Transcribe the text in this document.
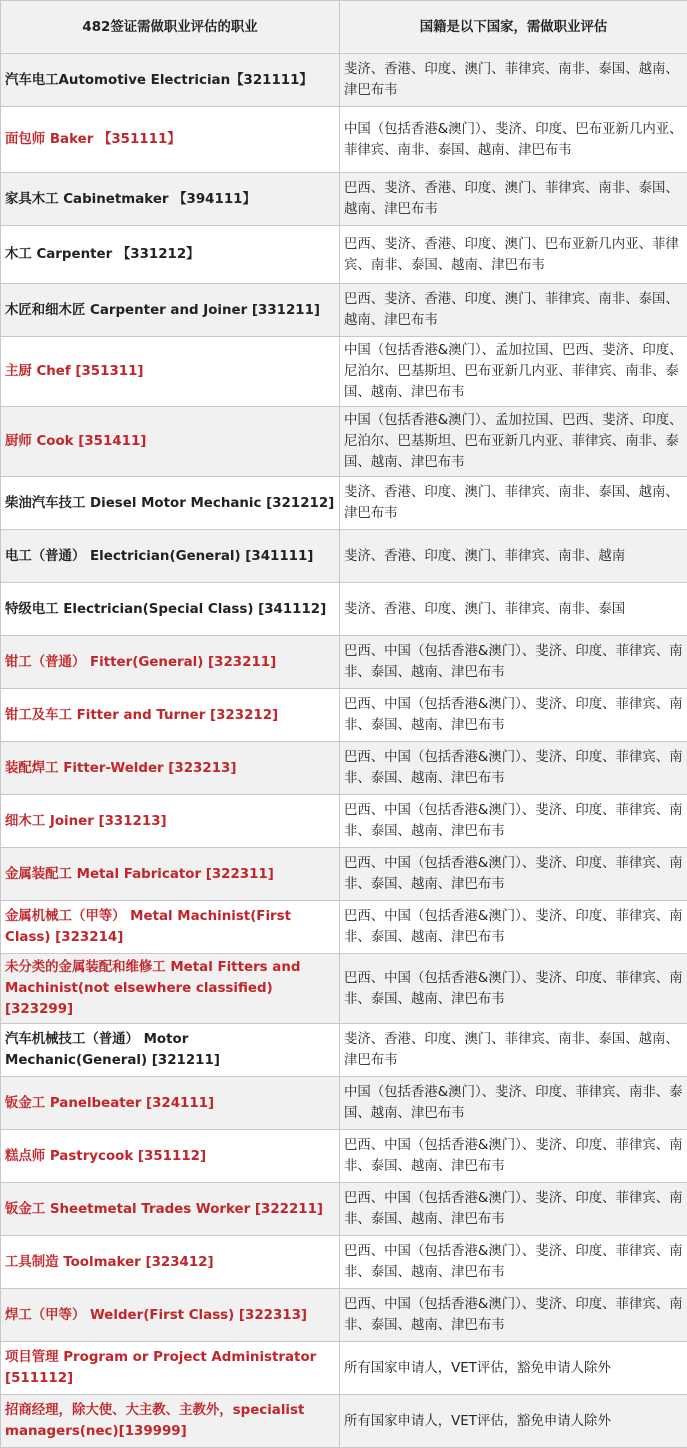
482签证需做职业评估的职业	国籍是以下国家，需做职业评估
汽车电工Automotive Electrician【321111】	斐济、香港、印度、澳门、菲律宾、南非、泰国、越南、津巴布韦
面包师 Baker 【351111】	中国（包括香港&澳门）、斐济、印度、巴布亚新几内亚、菲律宾、南非、泰国、越南、津巴布韦
家具木工 Cabinetmaker 【394111】	巴西、斐济、香港、印度、澳门、菲律宾、南非、泰国、越南、津巴布韦
木工 Carpenter 【331212】	巴西、斐济、香港、印度、澳门、巴布亚新几内亚、菲律宾、南非、泰国、越南、津巴布韦
木匠和细木匠 Carpenter and Joiner [331211]	巴西、斐济、香港、印度、澳门、菲律宾、南非、泰国、越南、津巴布韦
主厨 Chef [351311]	中国（包括香港&澳门）、孟加拉国、巴西、斐济、印度、尼泊尔、巴基斯坦、巴布亚新几内亚、菲律宾、南非、泰国、越南、津巴布韦
厨师 Cook [351411]	中国（包括香港&澳门）、孟加拉国、巴西、斐济、印度、尼泊尔、巴基斯坦、巴布亚新几内亚、菲律宾、南非、泰国、越南、津巴布韦
柴油汽车技工 Diesel Motor Mechanic [321212]	斐济、香港、印度、澳门、菲律宾、南非、泰国、越南、津巴布韦
电工（普通） Electrician(General) [341111]	斐济、香港、印度、澳门、菲律宾、南非、越南
特级电工 Electrician(Special Class) [341112]	斐济、香港、印度、澳门、菲律宾、南非、泰国
钳工（普通） Fitter(General) [323211]	巴西、中国（包括香港&澳门）、斐济、印度、菲律宾、南非、泰国、越南、津巴布韦
钳工及车工 Fitter and Turner [323212]	巴西、中国（包括香港&澳门）、斐济、印度、菲律宾、南非、泰国、越南、津巴布韦
装配焊工 Fitter-Welder [323213]	巴西、中国（包括香港&澳门）、斐济、印度、菲律宾、南非、泰国、越南、津巴布韦
细木工 Joiner [331213]	巴西、中国（包括香港&澳门）、斐济、印度、菲律宾、南非、泰国、越南、津巴布韦
金属装配工 Metal Fabricator [322311]	巴西、中国（包括香港&澳门）、斐济、印度、菲律宾、南非、泰国、越南、津巴布韦
金属机械工（甲等） Metal Machinist(First Class) [323214]	巴西、中国（包括香港&澳门）、斐济、印度、菲律宾、南非、泰国、越南、津巴布韦
未分类的金属装配和维修工 Metal Fitters and Machinist(not elsewhere classified) [323299]	巴西、中国（包括香港&澳门）、斐济、印度、菲律宾、南非、泰国、越南、津巴布韦
汽车机械技工（普通） Motor Mechanic(General) [321211]	斐济、香港、印度、澳门、菲律宾、南非、泰国、越南、津巴布韦
钣金工 Panelbeater [324111]	中国（包括香港&澳门）、斐济、印度、菲律宾、南非、泰国、越南、津巴布韦
糕点师 Pastrycook [351112]	巴西、中国（包括香港&澳门）、斐济、印度、菲律宾、南非、泰国、越南、津巴布韦
钣金工 Sheetmetal Trades Worker [322211]	巴西、中国（包括香港&澳门）、斐济、印度、菲律宾、南非、泰国、越南、津巴布韦
工具制造 Toolmaker [323412]	巴西、中国（包括香港&澳门）、斐济、印度、菲律宾、南非、泰国、越南、津巴布韦
焊工（甲等） Welder(First Class) [322313]	巴西、中国（包括香港&澳门）、斐济、印度、菲律宾、南非、泰国、越南、津巴布韦
项目管理 Program or Project Administrator [511112]	所有国家申请人，VET评估，豁免申请人除外
招商经理，除大使、大主教、主教外，specialist managers(nec)[139999]	所有国家申请人，VET评估，豁免申请人除外
